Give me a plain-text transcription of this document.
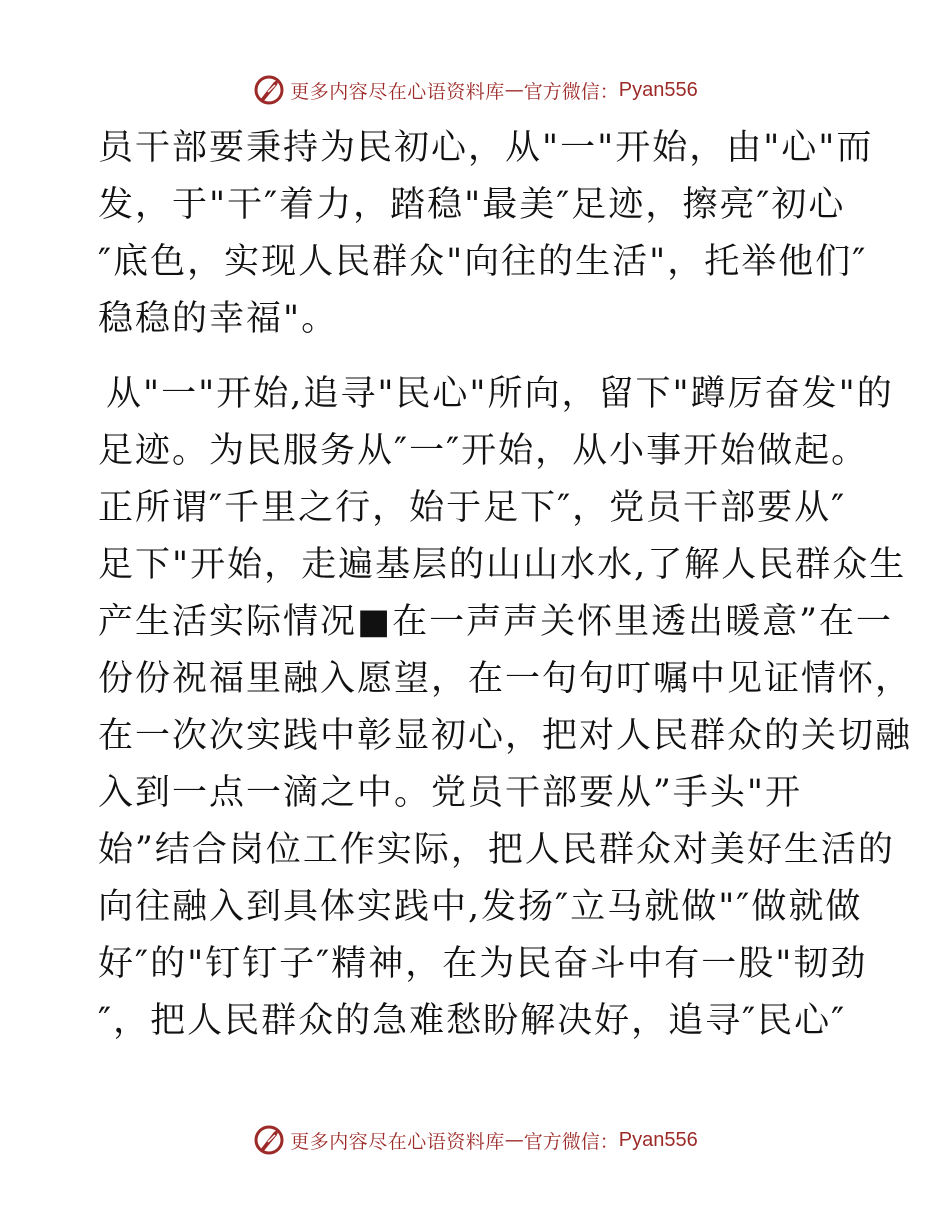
更多内容尽在心语资料库 — 官方微信： Pyan556
员干部要秉持为民初心，从"一"开始，由"心"而
发，于"干″着力，踏稳"最美″足迹，擦亮″初心
″底色，实现人民群众"向往的生活"，托举他们″
稳稳的幸福"。
从"一"开始,追寻"民心"所向，留下"蹲厉奋发"的
足迹。为民服务从″一″开始，从小事开始做起。
正所谓″千里之行，始于足下″，党员干部要从″
足下"开始，走遍基层的山山水水,了解人民群众生
产生活实际情况■在一声声关怀里透出暖意”在一
份份祝福里融入愿望，在一句句叮嘱中见证情怀，
在一次次实践中彰显初心，把对人民群众的关切融
入到一点一滴之中。党员干部要从”手头"开
始”结合岗位工作实际，把人民群众对美好生活的
向往融入到具体实践中,发扬″立马就做"″做就做
好″的"钉钉子″精神，在为民奋斗中有一股"韧劲
″，把人民群众的急难愁盼解决好，追寻″民心″
更多内容尽在心语资料库 — 官方微信： Pyan556
